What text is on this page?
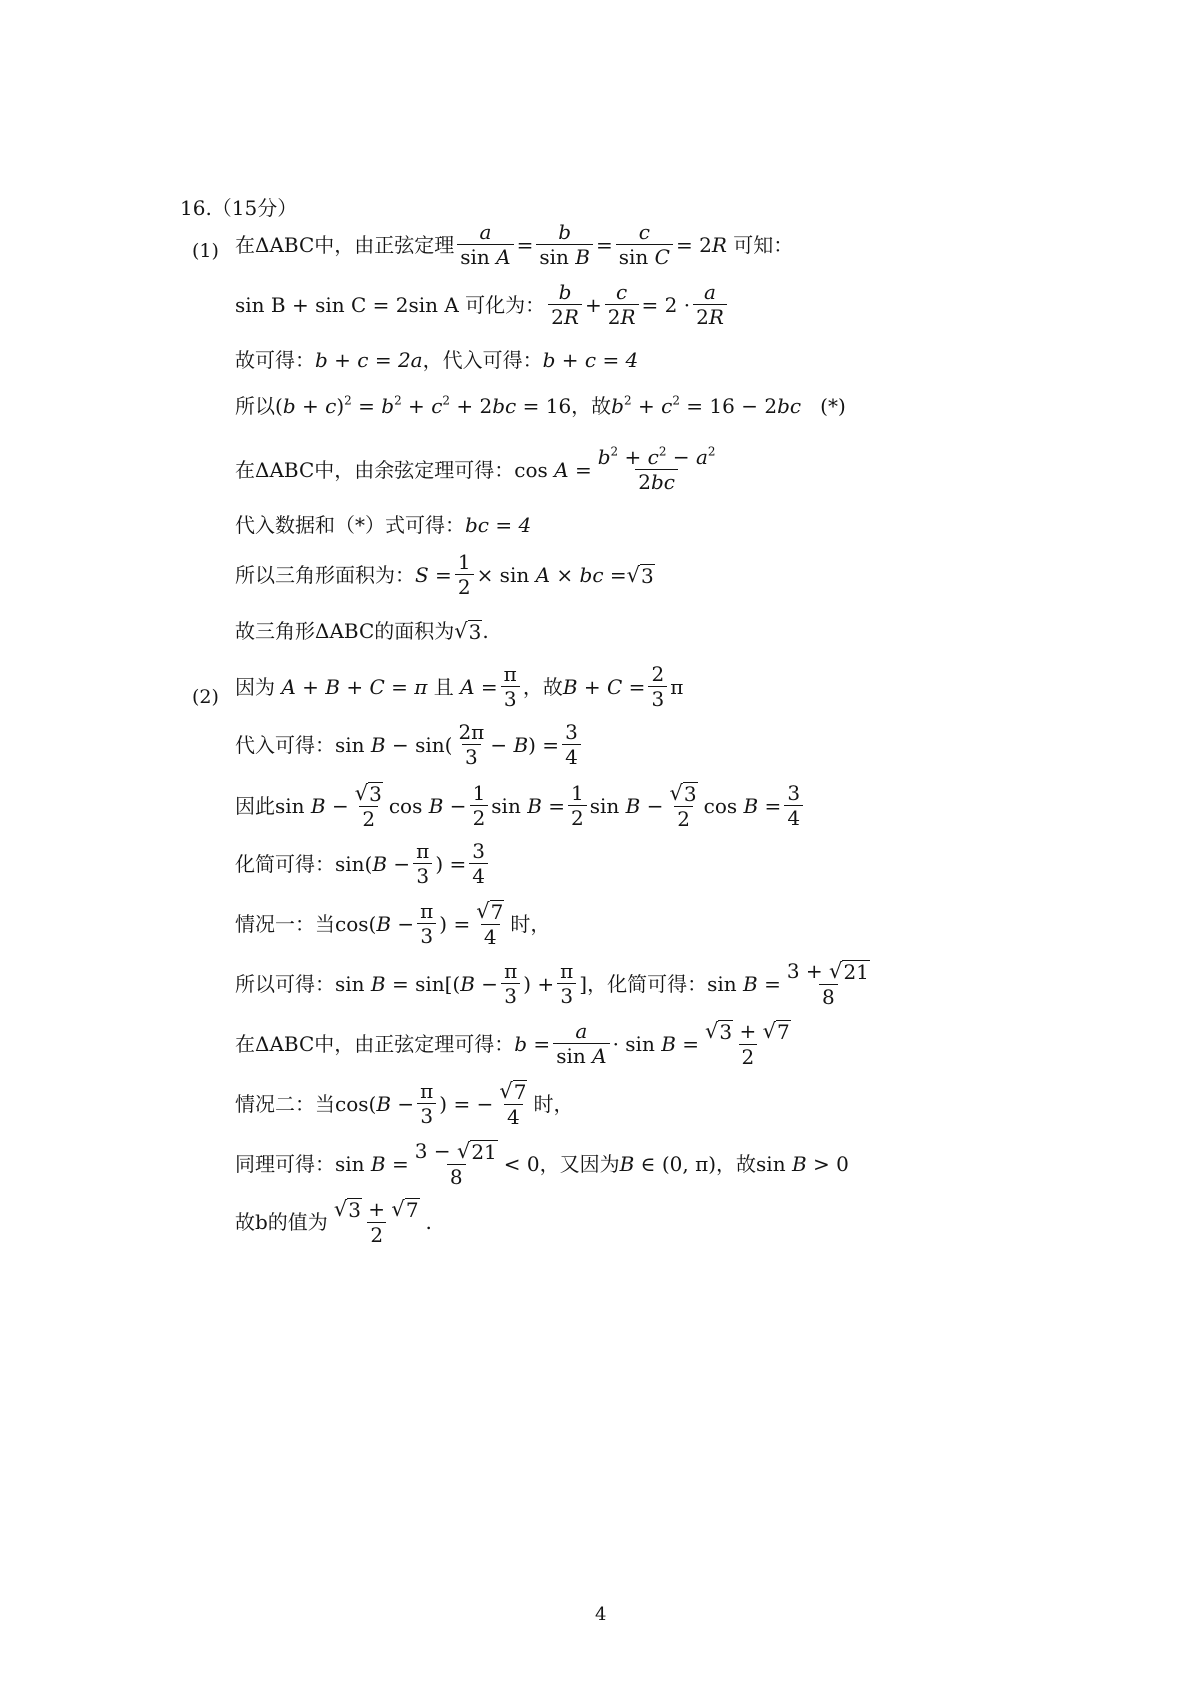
16.（15分）
(1) 在ΔABC中，由正弦定理 $\frac{a}{\text{sin A}} = \frac{b}{\text{sin B}} = \frac{c}{\text{sin C}} = 2R$ 可知：
sin B + sin C = 2sin A
可化为： $\frac{b}{2R} + \frac{c}{2R} = 2 \cdot \frac{a}{2R}$
故可得： b + c = 2a ，代入可得： b + c = 4
所以 $(b + c)^2 = b^2 + c^2 + 2bc = 16$ ，故 $b^2 + c^2 = 16 - 2bc$ (*)
在ΔABC中，由余弦定理可得： $\cos A = \frac{b^2 + c^2 - a^2}{2bc}$
代入数据和（*）式可得： bc = 4
所以三角形面积为： $S = \frac{1}{2} \times \sin A$ × bc = √ 3
故三角形ΔABC的面积为 √ 3 .
(2) 因为
A + B + C = π
且
$A = \frac{\pi}{3}$ ，故 $B + C = \frac{2}{3}$ π
代入可得： $\sin B - \sin( \frac{2\pi}{3} - B) = \frac{3}{4}$
因此 $\sin B - \frac{√ 3}{2}$ $\cos B - \frac{1}{2}$ $\sin B = \frac{1}{2}$ $\sin B - \frac{√ 3}{2}$ $\cos B = \frac{3}{4}$
化简可得： $\sin(B - \frac{\pi}{3}$ ) = $\frac{3}{4}$
情况一：当 $\cos(B - \frac{\pi}{3}$ ) = $\frac{√ 7}{4}$ 时，
所以可得： $\sin B = \sin[(B - \frac{\pi}{3}$ ) + $\frac{\pi}{3}$ ] ，化简可得： $\sin B = \frac{3 + √ 21}{8}$
在ΔABC中，由正弦定理可得： $b = \frac{a}{\text{sin A}} \cdot \sin B = \frac{√ 3 + √ 7}{2}$
情况二：当 $\cos(B - \frac{\pi}{3}$ ) = − $\frac{√ 7}{4}$ 时，
同理可得： $\sin B = \frac{3 - √ 21}{8} < 0$ ，又因为 B ∈ (0, π) ，故 sin B > 0
故b的值为 $\frac{√ 3 + √ 7}{2}$ .
4
